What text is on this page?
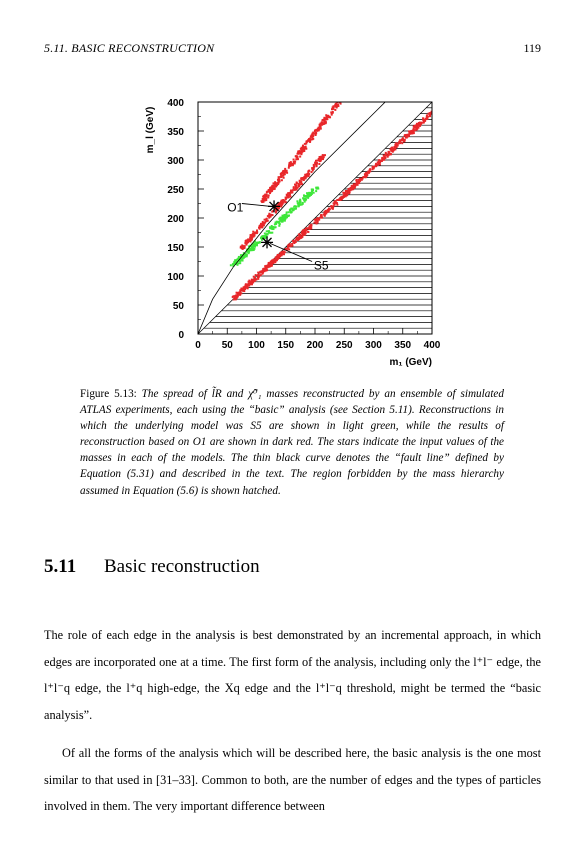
5.11. BASIC RECONSTRUCTION	119
0 50 100 150 200 250 300 350 400
0
50
100
150
200
250
300
350
400
O1
S5
m₁ (GeV)
m_l (GeV)
Figure 5.13: The spread of l̃R and χ̃⁰₁ masses reconstructed by an ensemble of simulated ATLAS experiments, each using the “basic” analysis (see Section 5.11). Reconstructions in which the underlying model was S5 are shown in light green, while the results of reconstruction based on O1 are shown in dark red. The stars indicate the input values of the masses in each of the models. The thin black curve denotes the “fault line” defined by Equation (5.31) and described in the text. The region forbidden by the mass hierarchy assumed in Equation (5.6) is shown hatched.
5.11 Basic reconstruction

The role of each edge in the analysis is best demonstrated by an incremental approach, in which edges are incorporated one at a time. The first form of the analysis, including only the l⁺l⁻ edge, the l⁺l⁻q edge, the l⁺q high-edge, the Xq edge and the l⁺l⁻q threshold, might be termed the “basic analysis”.

Of all the forms of the analysis which will be described here, the basic analysis is the one most similar to that used in [31–33]. Common to both, are the number of edges and the types of particles involved in them. The very important difference between
